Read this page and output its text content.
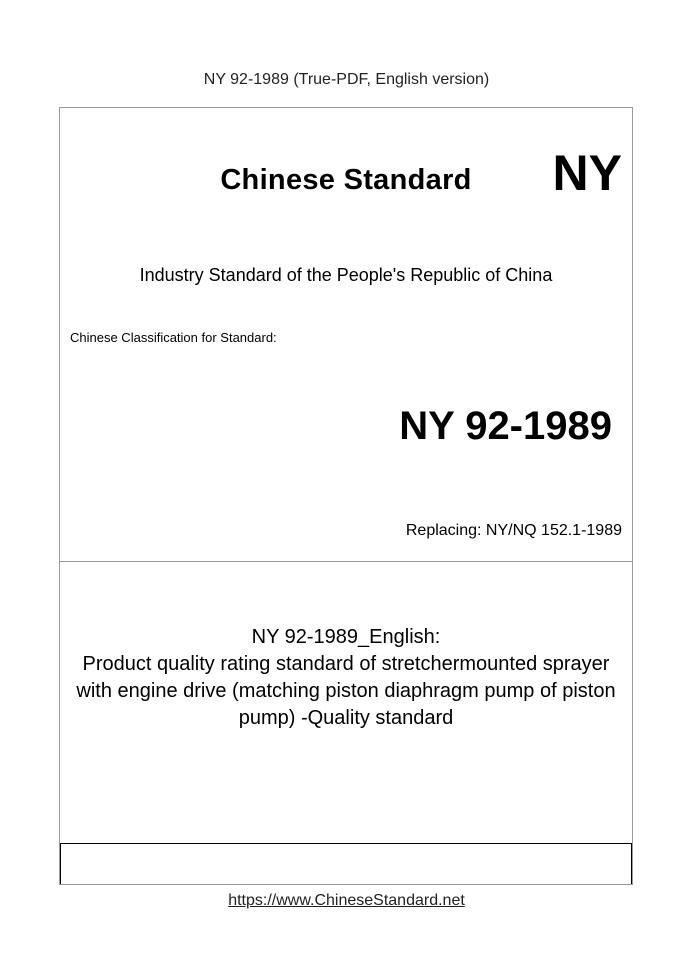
NY 92-1989 (True-PDF, English version)
Chinese Standard	NY
Industry Standard of the People's Republic of China
Chinese Classification for Standard:
NY 92-1989
Replacing: NY/NQ 152.1-1989
NY 92-1989_English:
Product quality rating standard of stretchermounted sprayer
with engine drive (matching piston diaphragm pump of piston
pump) -Quality standard
https://www.ChineseStandard.net
